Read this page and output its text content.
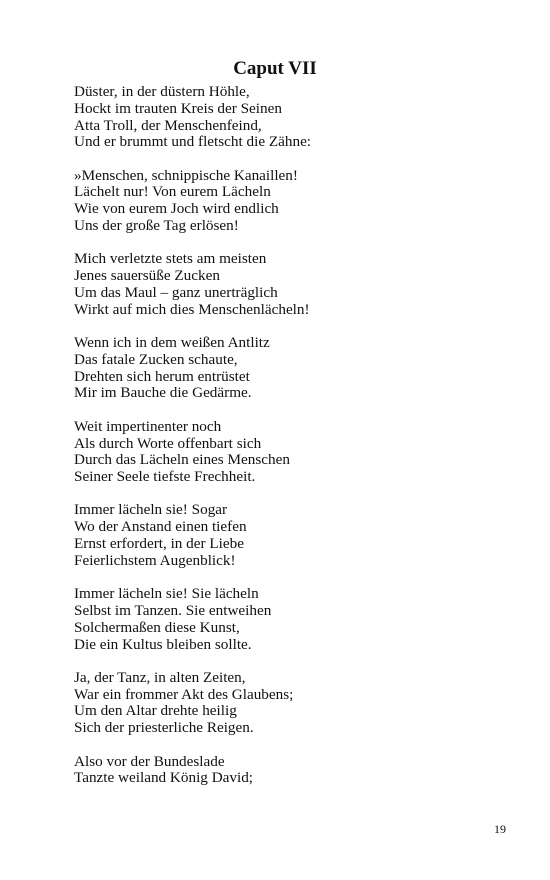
Caput VII
Düster, in der düstern Höhle,
Hockt im trauten Kreis der Seinen
Atta Troll, der Menschenfeind,
Und er brummt und fletscht die Zähne:
»Menschen, schnippische Kanaillen!
Lächelt nur! Von eurem Lächeln
Wie von eurem Joch wird endlich
Uns der große Tag erlösen!
Mich verletzte stets am meisten
Jenes sauersüße Zucken
Um das Maul – ganz unerträglich
Wirkt auf mich dies Menschenlächeln!
Wenn ich in dem weißen Antlitz
Das fatale Zucken schaute,
Drehten sich herum entrüstet
Mir im Bauche die Gedärme.
Weit impertinenter noch
Als durch Worte offenbart sich
Durch das Lächeln eines Menschen
Seiner Seele tiefste Frechheit.
Immer lächeln sie! Sogar
Wo der Anstand einen tiefen
Ernst erfordert, in der Liebe
Feierlichstem Augenblick!
Immer lächeln sie! Sie lächeln
Selbst im Tanzen. Sie entweihen
Solchermaßen diese Kunst,
Die ein Kultus bleiben sollte.
Ja, der Tanz, in alten Zeiten,
War ein frommer Akt des Glaubens;
Um den Altar drehte heilig
Sich der priesterliche Reigen.
Also vor der Bundeslade
Tanzte weiland König David;
19
